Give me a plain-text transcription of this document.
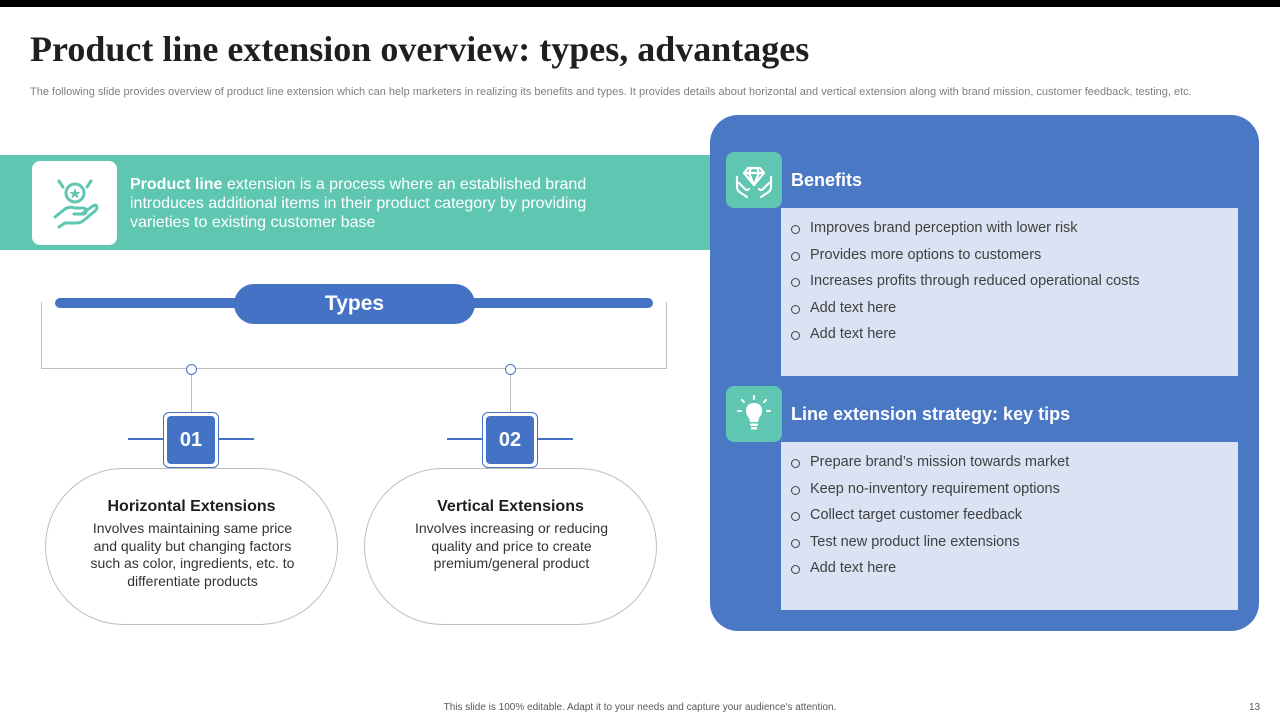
Product line extension overview: types, advantages
The following slide provides overview of product line extension which can help marketers in realizing its benefits and types. It provides details about horizontal and vertical extension along with brand mission, customer feedback, testing, etc.
Product line extension is a process where an established brand introduces additional items in their product category by providing varieties to existing customer base
Types
01
Horizontal Extensions
Involves maintaining same price and quality but changing factors such as color, ingredients, etc. to differentiate products
02
Vertical Extensions
Involves increasing or reducing quality and price to create premium/general product
Benefits
Improves brand perception with lower risk
Provides more options to customers
Increases profits through reduced operational costs
Add text here
Add text here
Line extension strategy: key tips
Prepare brand’s mission towards market
Keep no-inventory requirement options
Collect target customer feedback
Test new product line extensions
Add text here
This slide is 100% editable. Adapt it to your needs and capture your audience's attention.	13
